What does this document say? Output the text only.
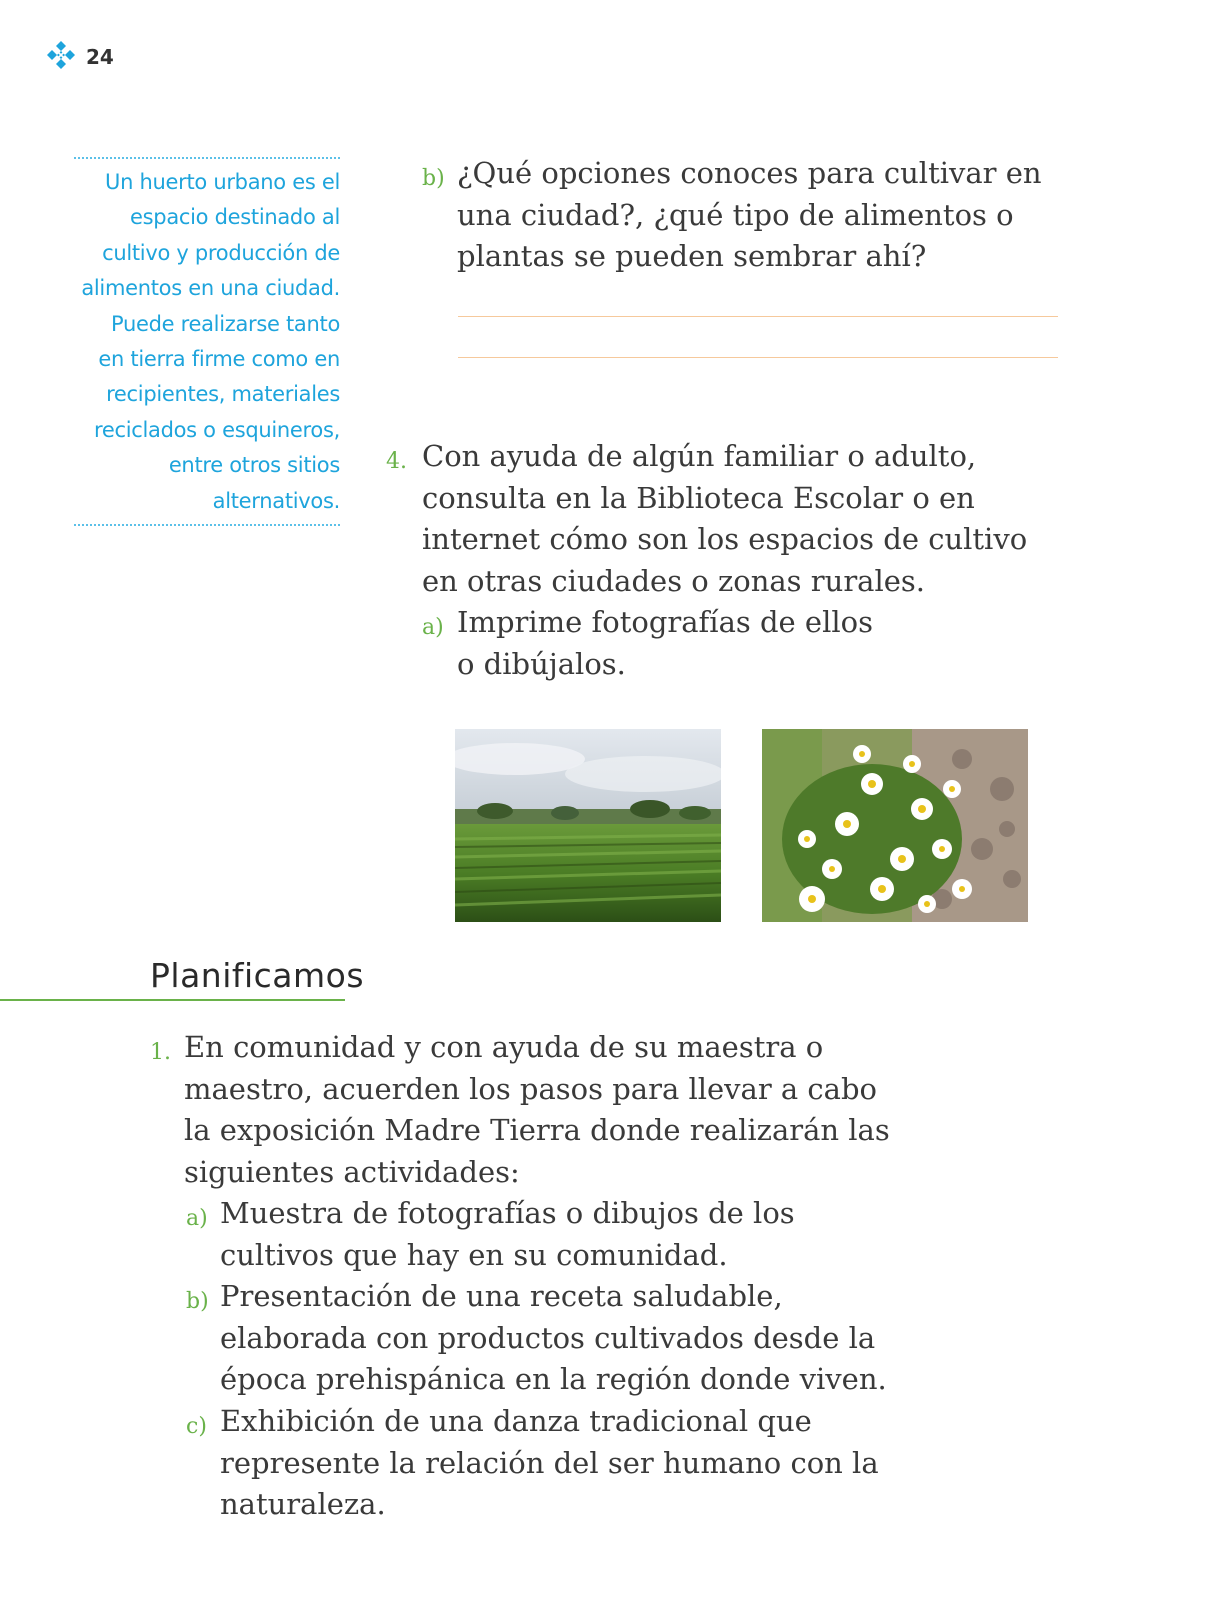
24
Un huerto urbano es el
espacio destinado al
cultivo y producción de
alimentos en una ciudad.
Puede realizarse tanto
en tierra firme como en
recipientes, materiales
reciclados o esquineros,
entre otros sitios
alternativos.
b) ¿Qué opciones conoces para cultivar en
una ciudad?, ¿qué tipo de alimentos o
plantas se pueden sembrar ahí?
4. Con ayuda de algún familiar o adulto,
consulta en la Biblioteca Escolar o en
internet cómo son los espacios de cultivo
en otras ciudades o zonas rurales.
a) Imprime fotografías de ellos
o dibújalos.
Planificamos
1. En comunidad y con ayuda de su maestra o
maestro, acuerden los pasos para llevar a cabo
la exposición Madre Tierra donde realizarán las
siguientes actividades:
a) Muestra de fotografías o dibujos de los
cultivos que hay en su comunidad.
b) Presentación de una receta saludable,
elaborada con productos cultivados desde la
época prehispánica en la región donde viven.
c) Exhibición de una danza tradicional que
represente la relación del ser humano con la
naturaleza.
